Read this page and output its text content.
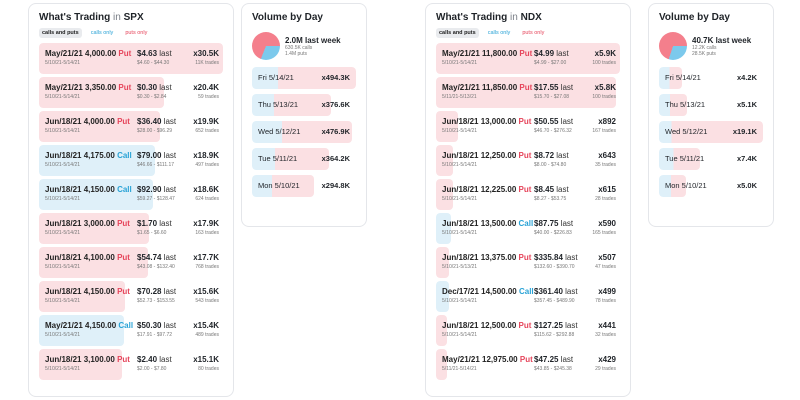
What's Trading in SPX
calls and puts	calls only	puts only
May/21/21 4,000.00 Put
5/10/21-5/14/21
$4.63 last
$4.60 - $44.30
x30.5K
11K trades
May/21/21 3,350.00 Put
5/10/21-5/14/21
$0.30 last
$0.30 - $2.84
x20.4K
59 trades
Jun/18/21 4,000.00 Put
5/10/21-5/14/21
$36.40 last
$28.00 - $96.29
x19.9K
652 trades
Jun/18/21 4,175.00 Call
5/10/21-5/14/21
$79.00 last
$46.66 - $111.17
x18.9K
497 trades
Jun/18/21 4,150.00 Call
5/10/21-5/14/21
$92.90 last
$59.27 - $128.47
x18.6K
624 trades
Jun/18/21 3,000.00 Put
5/10/21-5/14/21
$1.70 last
$1.65 - $6.60
x17.9K
163 trades
Jun/18/21 4,100.00 Put
5/10/21-5/14/21
$54.74 last
$43.08 - $132.40
x17.7K
768 trades
Jun/18/21 4,150.00 Put
5/10/21-5/14/21
$70.28 last
$52.73 - $153.55
x15.6K
543 trades
May/21/21 4,150.00 Call
5/10/21-5/14/21
$50.30 last
$17.91 - $97.72
x15.4K
489 trades
Jun/18/21 3,100.00 Put
5/10/21-5/14/21
$2.40 last
$2.00 - $7.80
x15.1K
80 trades
Volume by Day
2.0M last week
630.5K calls
1.4M puts
Fri 5/14/21	x494.3K
Thu 5/13/21	x376.6K
Wed 5/12/21	x476.9K
Tue 5/11/21	x364.2K
Mon 5/10/21	x294.8K
What's Trading in NDX
calls and puts	calls only	puts only
May/21/21 11,800.00 Put
5/10/21-5/14/21
$4.99 last
$4.99 - $27.00
x5.9K
100 trades
May/21/21 11,850.00 Put
5/11/21-5/13/21
$17.55 last
$15.70 - $27.08
x5.8K
100 trades
Jun/18/21 13,000.00 Put
5/10/21-5/14/21
$50.55 last
$46.70 - $276.32
x892
167 trades
Jun/18/21 12,250.00 Put
5/10/21-5/14/21
$8.72 last
$8.00 - $74.80
x643
35 trades
Jun/18/21 12,225.00 Put
5/10/21-5/14/21
$8.45 last
$8.27 - $53.75
x615
28 trades
Jun/18/21 13,500.00 Call
5/10/21-5/14/21
$87.75 last
$40.00 - $226.83
x590
165 trades
Jun/18/21 13,375.00 Put
5/10/21-5/13/21
$335.84 last
$132.60 - $390.70
x507
47 trades
Dec/17/21 14,500.00 Call
5/10/21-5/14/21
$361.40 last
$357.45 - $489.90
x499
78 trades
Jun/18/21 12,500.00 Put
5/10/21-5/14/21
$127.25 last
$115.62 - $292.88
x441
32 trades
May/21/21 12,975.00 Put
5/11/21-5/14/21
$47.25 last
$43.85 - $245.38
x429
29 trades
Volume by Day
40.7K last week
12.2K calls
28.5K puts
Fri 5/14/21	x4.2K
Thu 5/13/21	x5.1K
Wed 5/12/21	x19.1K
Tue 5/11/21	x7.4K
Mon 5/10/21	x5.0K
